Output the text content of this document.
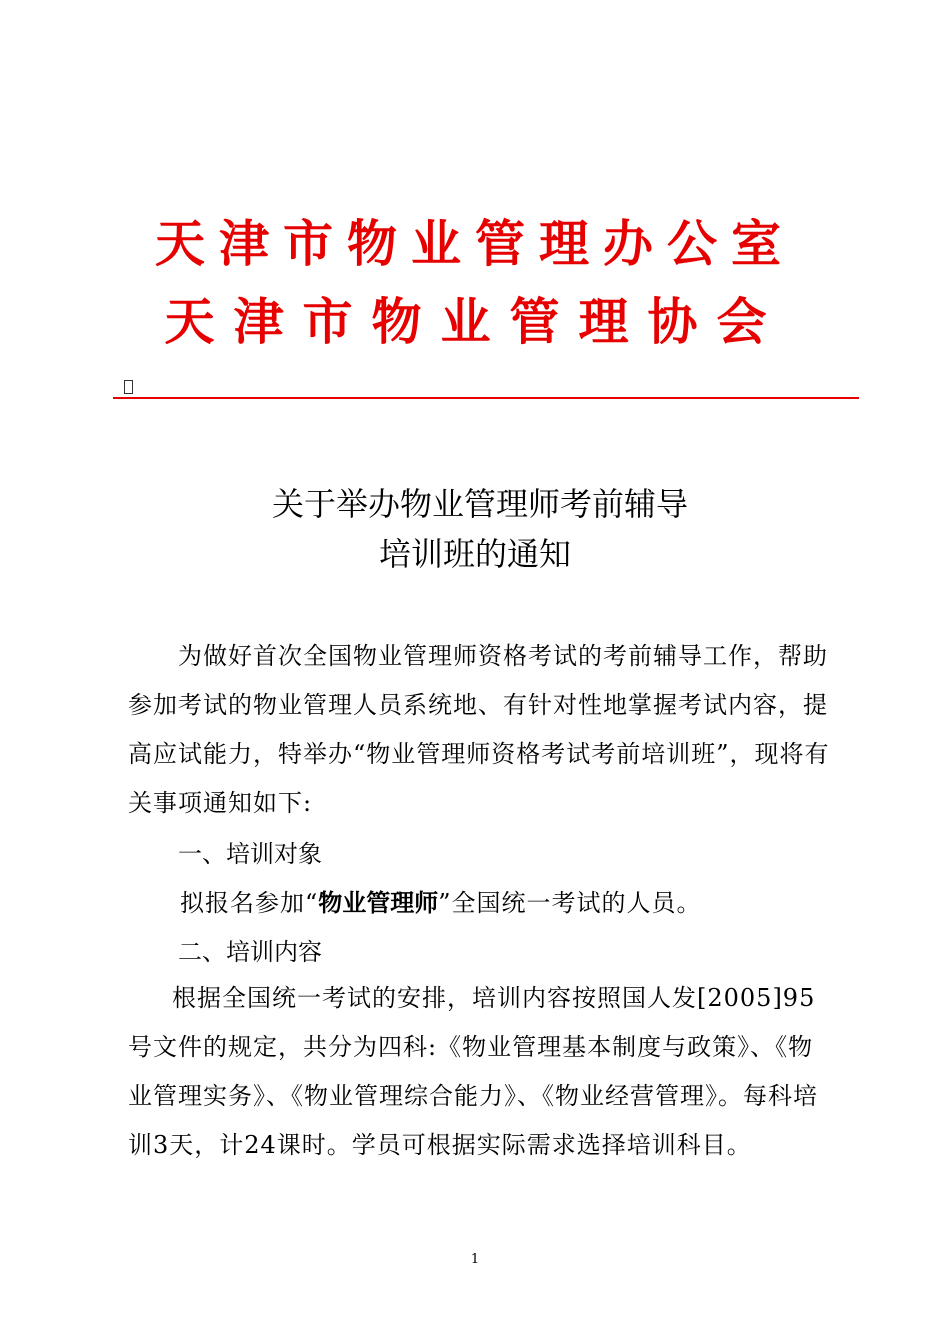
天津市物业管理办公室
天津市物业管理协会
关于举办物业管理师考前辅导
培训班的通知
为做好首次全国物业管理师资格考试的考前辅导工作，帮助参加考试的物业管理人员系统地、有针对性地掌握考试内容，提高应试能力，特举办“物业管理师资格考试考前培训班”，现将有关事项通知如下:
一、培训对象
拟报名参加“物业管理师”全国统一考试的人员。
二、培训内容
根据全国统一考试的安排，培训内容按照国人发[2005]95号文件的规定，共分为四科:《物业管理基本制度与政策》、《物业管理实务》、《物业管理综合能力》、《物业经营管理》。每科培训3天，计24课时。学员可根据实际需求选择培训科目。
1
